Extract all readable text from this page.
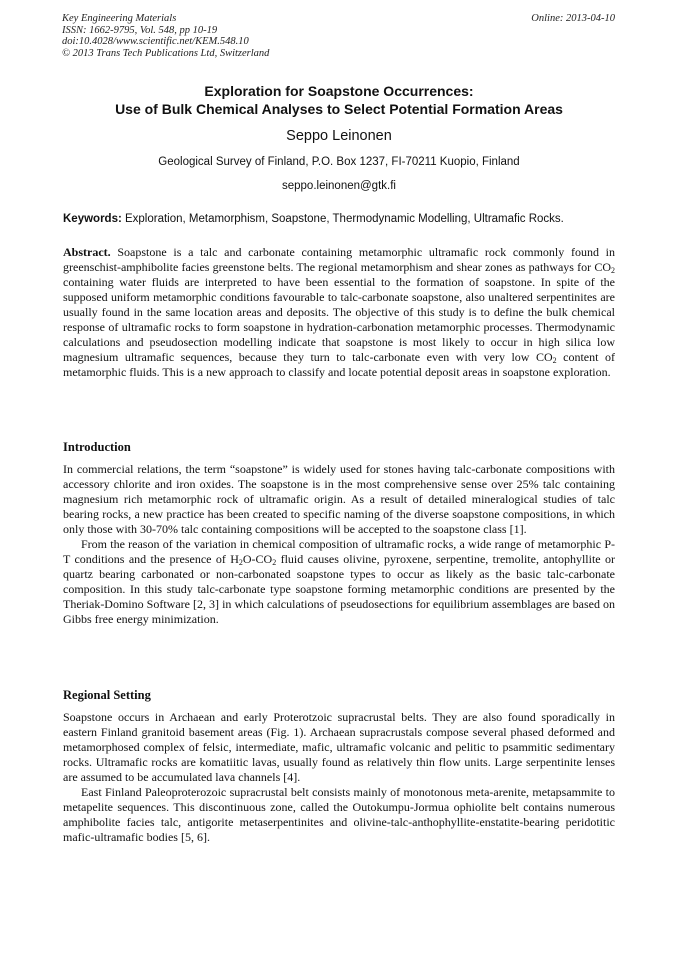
Key Engineering Materials
ISSN: 1662-9795, Vol. 548, pp 10-19
doi:10.4028/www.scientific.net/KEM.548.10
© 2013 Trans Tech Publications Ltd, Switzerland
Online: 2013-04-10
Exploration for Soapstone Occurrences:
Use of Bulk Chemical Analyses to Select Potential Formation Areas
Seppo Leinonen
Geological Survey of Finland, P.O. Box 1237, FI-70211 Kuopio, Finland
seppo.leinonen@gtk.fi
Keywords: Exploration, Metamorphism, Soapstone, Thermodynamic Modelling, Ultramafic Rocks.

Abstract. Soapstone is a talc and carbonate containing metamorphic ultramafic rock commonly found in greenschist-amphibolite facies greenstone belts. The regional metamorphism and shear zones as pathways for $CO_2$ containing water fluids are interpreted to have been essential to the formation of soapstone. In spite of the supposed uniform metamorphic conditions favourable to talc-carbonate soapstone, also unaltered serpentinites are usually found in the same location areas and deposits. The objective of this study is to define the bulk chemical response of ultramafic rocks to form soapstone in hydration-carbonation metamorphic processes. Thermodynamic calculations and pseudosection modelling indicate that soapstone is most likely to occur in high silica low magnesium ultramafic sequences, because they turn to talc-carbonate even with very low $CO_2$ content of metamorphic fluids. This is a new approach to classify and locate potential deposit areas in soapstone exploration.

Introduction

In commercial relations, the term “soapstone” is widely used for stones having talc-carbonate compositions with accessory chlorite and iron oxides. The soapstone is in the most comprehensive sense over 25% talc containing magnesium rich metamorphic rock of ultramafic origin. As a result of detailed mineralogical studies of talc bearing rocks, a new practice has been created to specific naming of the diverse soapstone compositions, in which only those with 30-70% talc containing compositions will be accepted to the soapstone class [1].

From the reason of the variation in chemical composition of ultramafic rocks, a wide range of metamorphic P-T conditions and the presence of $H_2O-CO_2$ fluid causes olivine, pyroxene, serpentine, tremolite, antophyllite or quartz bearing carbonated or non-carbonated soapstone types to occur as likely as the basic talc-carbonate composition. In this study talc-carbonate type soapstone forming metamorphic conditions are presented by the Theriak-Domino Software [2, 3] in which calculations of pseudosections for equilibrium assemblages are based on Gibbs free energy minimization.

Regional Setting

Soapstone occurs in Archaean and early Proterotzoic supracrustal belts. They are also found sporadically in eastern Finland granitoid basement areas (Fig. 1). Archaean supracrustals compose several phased deformed and metamorphosed complex of felsic, intermediate, mafic, ultramafic volcanic and pelitic to psammitic sedimentary rocks. Ultramafic rocks are komatiitic lavas, usually found as relatively thin flow units. Large serpentinite lenses are assumed to be accumulated lava channels [4].

East Finland Paleoproterozoic supracrustal belt consists mainly of monotonous meta-arenite, metapsammite to metapelite sequences. This discontinuous zone, called the Outokumpu-Jormua ophiolite belt contains numerous amphibolite facies talc, antigorite metaserpentinites and olivine-talc-anthophyllite-enstatite-bearing peridotitic mafic-ultramafic bodies [5, 6].
